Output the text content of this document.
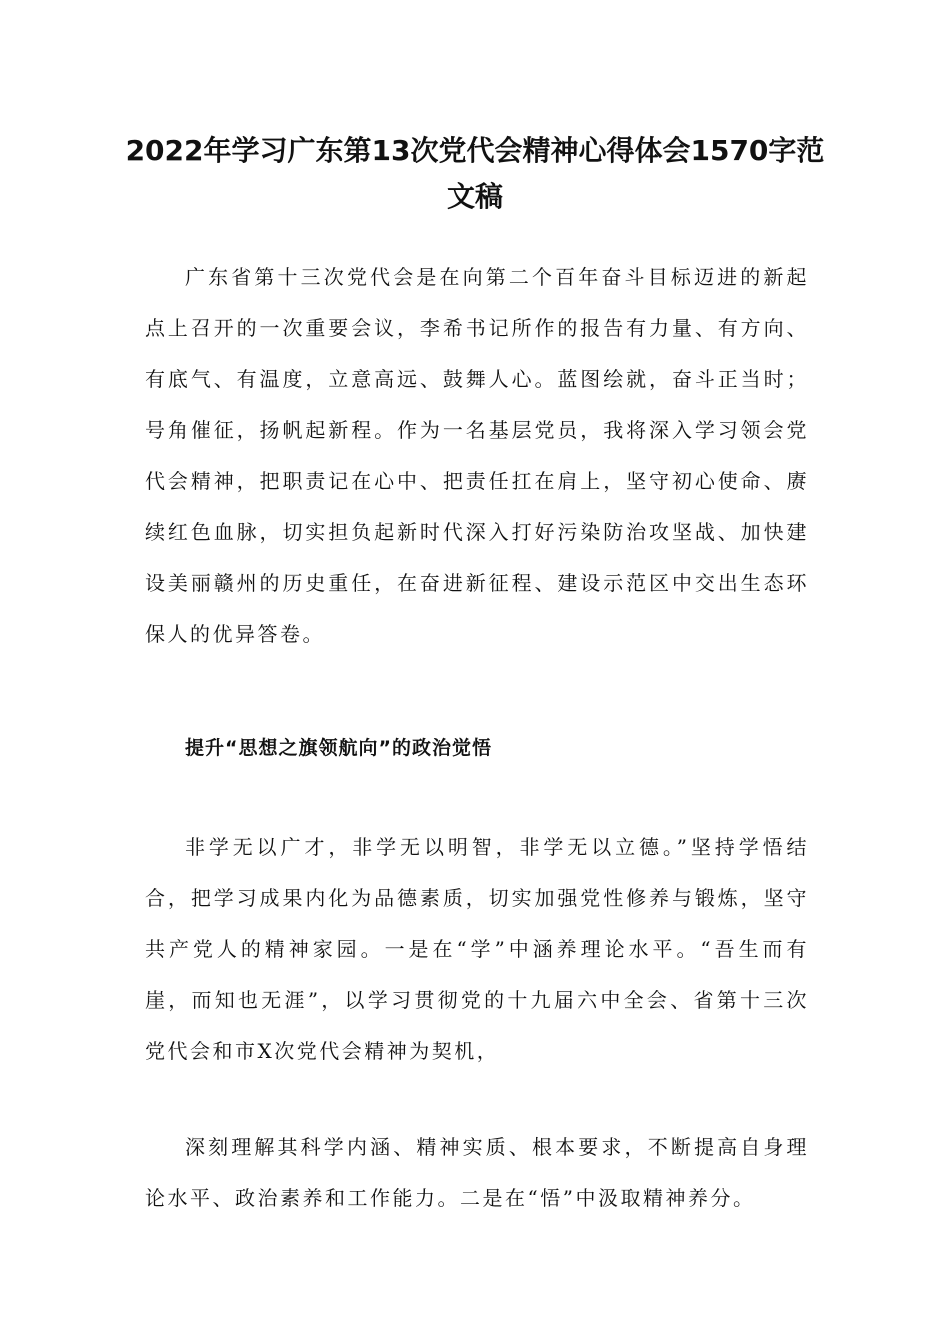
2022年学习广东第13次党代会精神心得体会1570字范文稿

广东省第十三次党代会是在向第二个百年奋斗目标迈进的新起点上召开的一次重要会议，李希书记所作的报告有力量、有方向、有底气、有温度，立意高远、鼓舞人心。蓝图绘就，奋斗正当时；号角催征，扬帆起新程。作为一名基层党员，我将深入学习领会党代会精神，把职责记在心中、把责任扛在肩上，坚守初心使命、赓续红色血脉，切实担负起新时代深入打好污染防治攻坚战、加快建设美丽赣州的历史重任，在奋进新征程、建设示范区中交出生态环保人的优异答卷。

提升“思想之旗领航向”的政治觉悟

非学无以广才，非学无以明智，非学无以立德。”坚持学悟结合，把学习成果内化为品德素质，切实加强党性修养与锻炼，坚守共产党人的精神家园。一是在“学”中涵养理论水平。“吾生而有崖，而知也无涯”，以学习贯彻党的十九届六中全会、省第十三次党代会和市X次党代会精神为契机，

深刻理解其科学内涵、精神实质、根本要求，不断提高自身理论水平、政治素养和工作能力。二是在“悟”中汲取精神养分。
